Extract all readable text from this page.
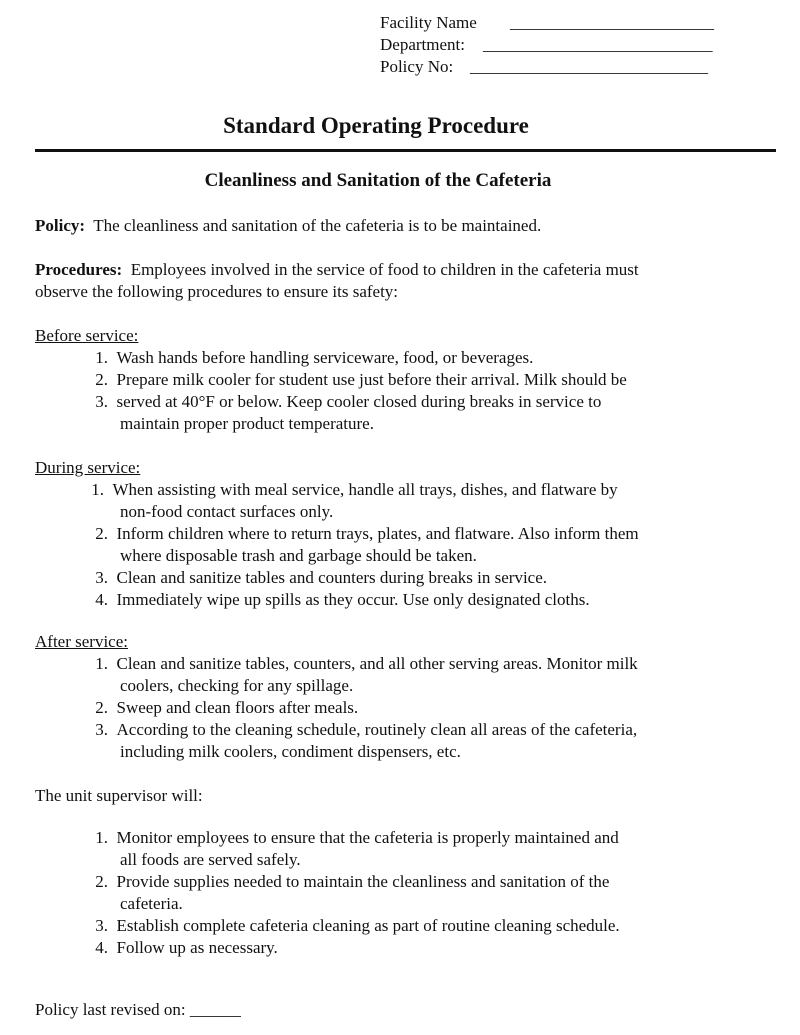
Facility Name ________________________
Department: ___________________________
Policy No: ____________________________
Standard Operating Procedure
Cleanliness and Sanitation of the Cafeteria
Policy: The cleanliness and sanitation of the cafeteria is to be maintained.
Procedures: Employees involved in the service of food to children in the cafeteria must
observe the following procedures to ensure its safety:
Before service:
1. Wash hands before handling serviceware, food, or beverages.
2. Prepare milk cooler for student use just before their arrival. Milk should be
3. served at 40°F or below. Keep cooler closed during breaks in service to
maintain proper product temperature.
During service:
1. When assisting with meal service, handle all trays, dishes, and flatware by
non-food contact surfaces only.
2. Inform children where to return trays, plates, and flatware. Also inform them
where disposable trash and garbage should be taken.
3. Clean and sanitize tables and counters during breaks in service.
4. Immediately wipe up spills as they occur. Use only designated cloths.
After service:
1. Clean and sanitize tables, counters, and all other serving areas. Monitor milk
coolers, checking for any spillage.
2. Sweep and clean floors after meals.
3. According to the cleaning schedule, routinely clean all areas of the cafeteria,
including milk coolers, condiment dispensers, etc.
The unit supervisor will:
1. Monitor employees to ensure that the cafeteria is properly maintained and
all foods are served safely.
2. Provide supplies needed to maintain the cleanliness and sanitation of the
cafeteria.
3. Establish complete cafeteria cleaning as part of routine cleaning schedule.
4. Follow up as necessary.
Policy last revised on: ______
